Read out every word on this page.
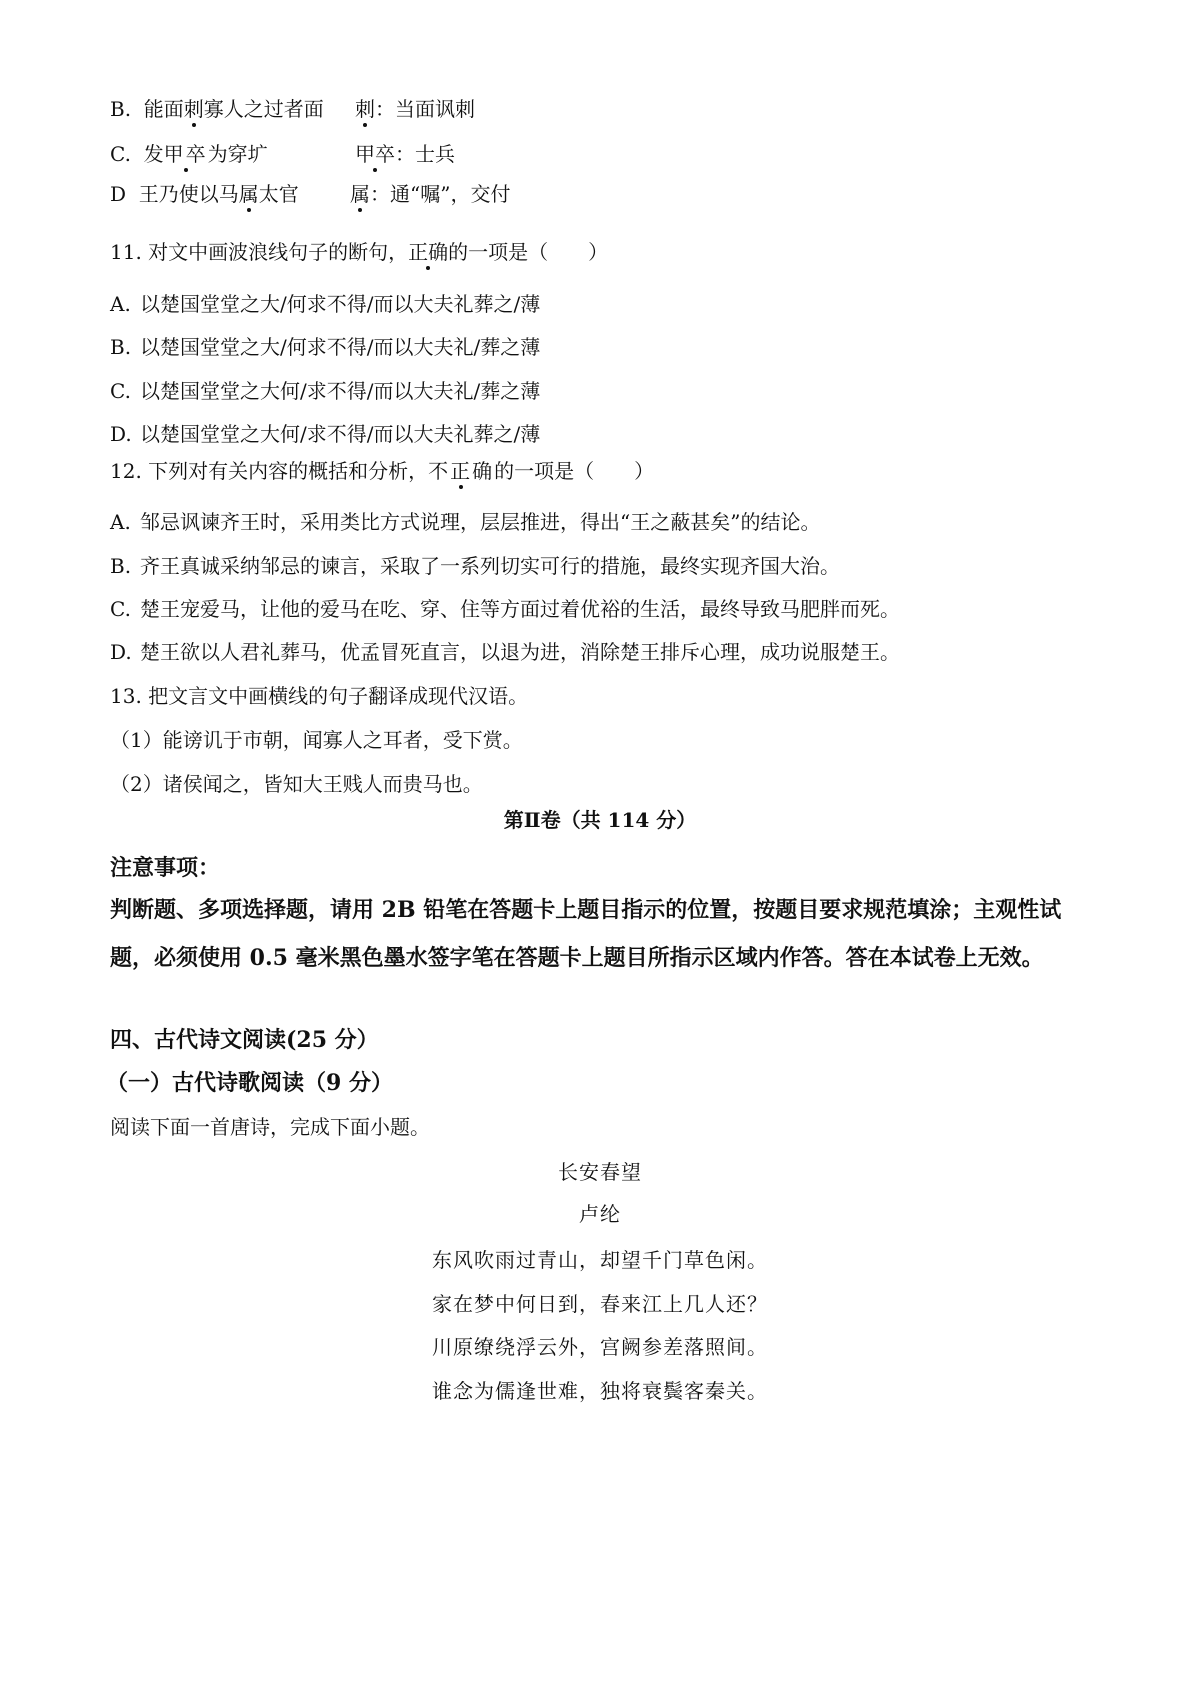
B. 能面刺寡人之过者面 刺：当面讽刺
C. 发甲卒为穿圹	甲卒：士兵
D 王乃使以马属太官	属：通“嘱”，交付
11. 对文中画波浪线句子的断句，正确的一项是（　　）
A. 以楚国堂堂之大/何求不得/而以大夫礼葬之/薄
B. 以楚国堂堂之大/何求不得/而以大夫礼/葬之薄
C. 以楚国堂堂之大何/求不得/而以大夫礼/葬之薄
D. 以楚国堂堂之大何/求不得/而以大夫礼葬之/薄
12. 下列对有关内容的概括和分析，不正确的一项是（　　）
A. 邹忌讽谏齐王时，采用类比方式说理，层层推进，得出“王之蔽甚矣”的结论。
B. 齐王真诚采纳邹忌的谏言，采取了一系列切实可行的措施，最终实现齐国大治。
C. 楚王宠爱马，让他的爱马在吃、穿、住等方面过着优裕的生活，最终导致马肥胖而死。
D. 楚王欲以人君礼葬马，优孟冒死直言，以退为进，消除楚王排斥心理，成功说服楚王。
13. 把文言文中画横线的句子翻译成现代汉语。
（1）能谤讥于市朝，闻寡人之耳者，受下赏。
（2）诸侯闻之，皆知大王贱人而贵马也。
第Ⅱ卷（共 114 分）
注意事项：
判断题、多项选择题，请用 2B 铅笔在答题卡上题目指示的位置，按题目要求规范填涂；主观性试题，必须使用 0.5 毫米黑色墨水签字笔在答题卡上题目所指示区域内作答。答在本试卷上无效。
四、古代诗文阅读(25 分）
（一）古代诗歌阅读（9 分）
阅读下面一首唐诗，完成下面小题。
长安春望
卢纶
东风吹雨过青山，却望千门草色闲。
家在梦中何日到，春来江上几人还？
川原缭绕浮云外，宫阙参差落照间。
谁念为儒逢世难，独将衰鬓客秦关。
